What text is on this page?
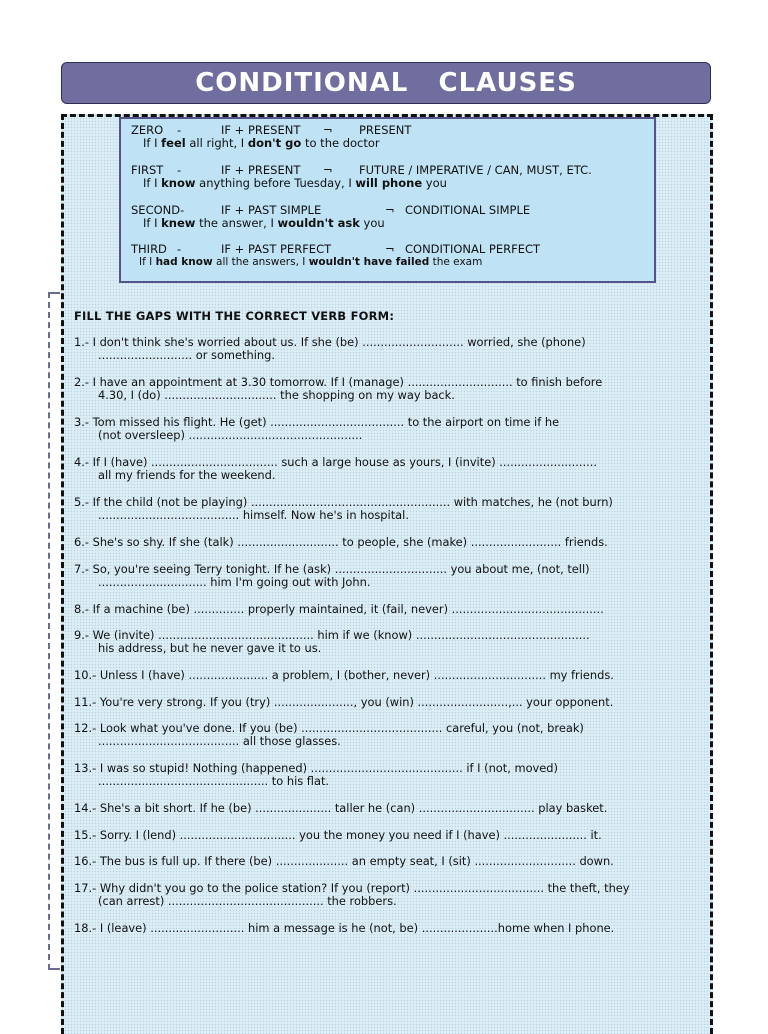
CONDITIONAL   CLAUSES
ZERO -	IF + PRESENT ¬ PRESENT
If I feel all right, I don't go to the doctor
FIRST -	IF + PRESENT ¬ FUTURE / IMPERATIVE / CAN, MUST, ETC.
If I know anything before Tuesday, I will phone you
SECOND-	IF + PAST SIMPLE	¬ CONDITIONAL SIMPLE
If I knew the answer, I wouldn't ask you
THIRD -	IF + PAST PERFECT	¬ CONDITIONAL PERFECT
If I had know all the answers, I wouldn't have failed the exam
FILL THE GAPS WITH THE CORRECT VERB FORM:
1.- I don't think she's worried about us. If she (be) ............................ worried, she (phone)
.......................... or something.
2.- I have an appointment at 3.30 tomorrow. If I (manage) ............................. to finish before
4.30, I (do) ............................... the shopping on my way back.
3.- Tom missed his flight. He (get) ..................................... to the airport on time if he
(not oversleep) ................................................
4.- If I (have) ................................... such a large house as yours, I (invite) ...........................
all my friends for the weekend.
5.- If the child (not be playing) ....................................................... with matches, he (not burn)
....................................... himself. Now he's in hospital.
6.- She's so shy. If she (talk) ............................ to people, she (make) ......................... friends.
7.- So, you're seeing Terry tonight. If he (ask) ............................... you about me, (not, tell)
.............................. him I'm going out with John.
8.- If a machine (be) .............. properly maintained, it (fail, never) ..........................................
9.- We (invite) ........................................... him if we (know) ................................................
his address, but he never gave it to us.
10.- Unless I (have) ...................... a problem, I (bother, never) ............................... my friends.
11.- You're very strong. If you (try) ......................, you (win) .........................,... your opponent.
12.- Look what you've done. If you (be) ....................................... careful, you (not, break)
....................................... all those glasses.
13.- I was so stupid! Nothing (happened) .......................................... if I (not, moved)
............................................... to his flat.
14.- She's a bit short. If he (be) ..................... taller he (can) ................................ play basket.
15.- Sorry. I (lend) ................................ you the money you need if I (have) ....................... it.
16.- The bus is full up. If there (be) .................... an empty seat, I (sit) ............................ down.
17.- Why didn't you go to the police station? If you (report) .................................... the theft, they
(can arrest) ........................................... the robbers.
18.- I (leave) .......................... him a message is he (not, be) .....................home when I phone.
